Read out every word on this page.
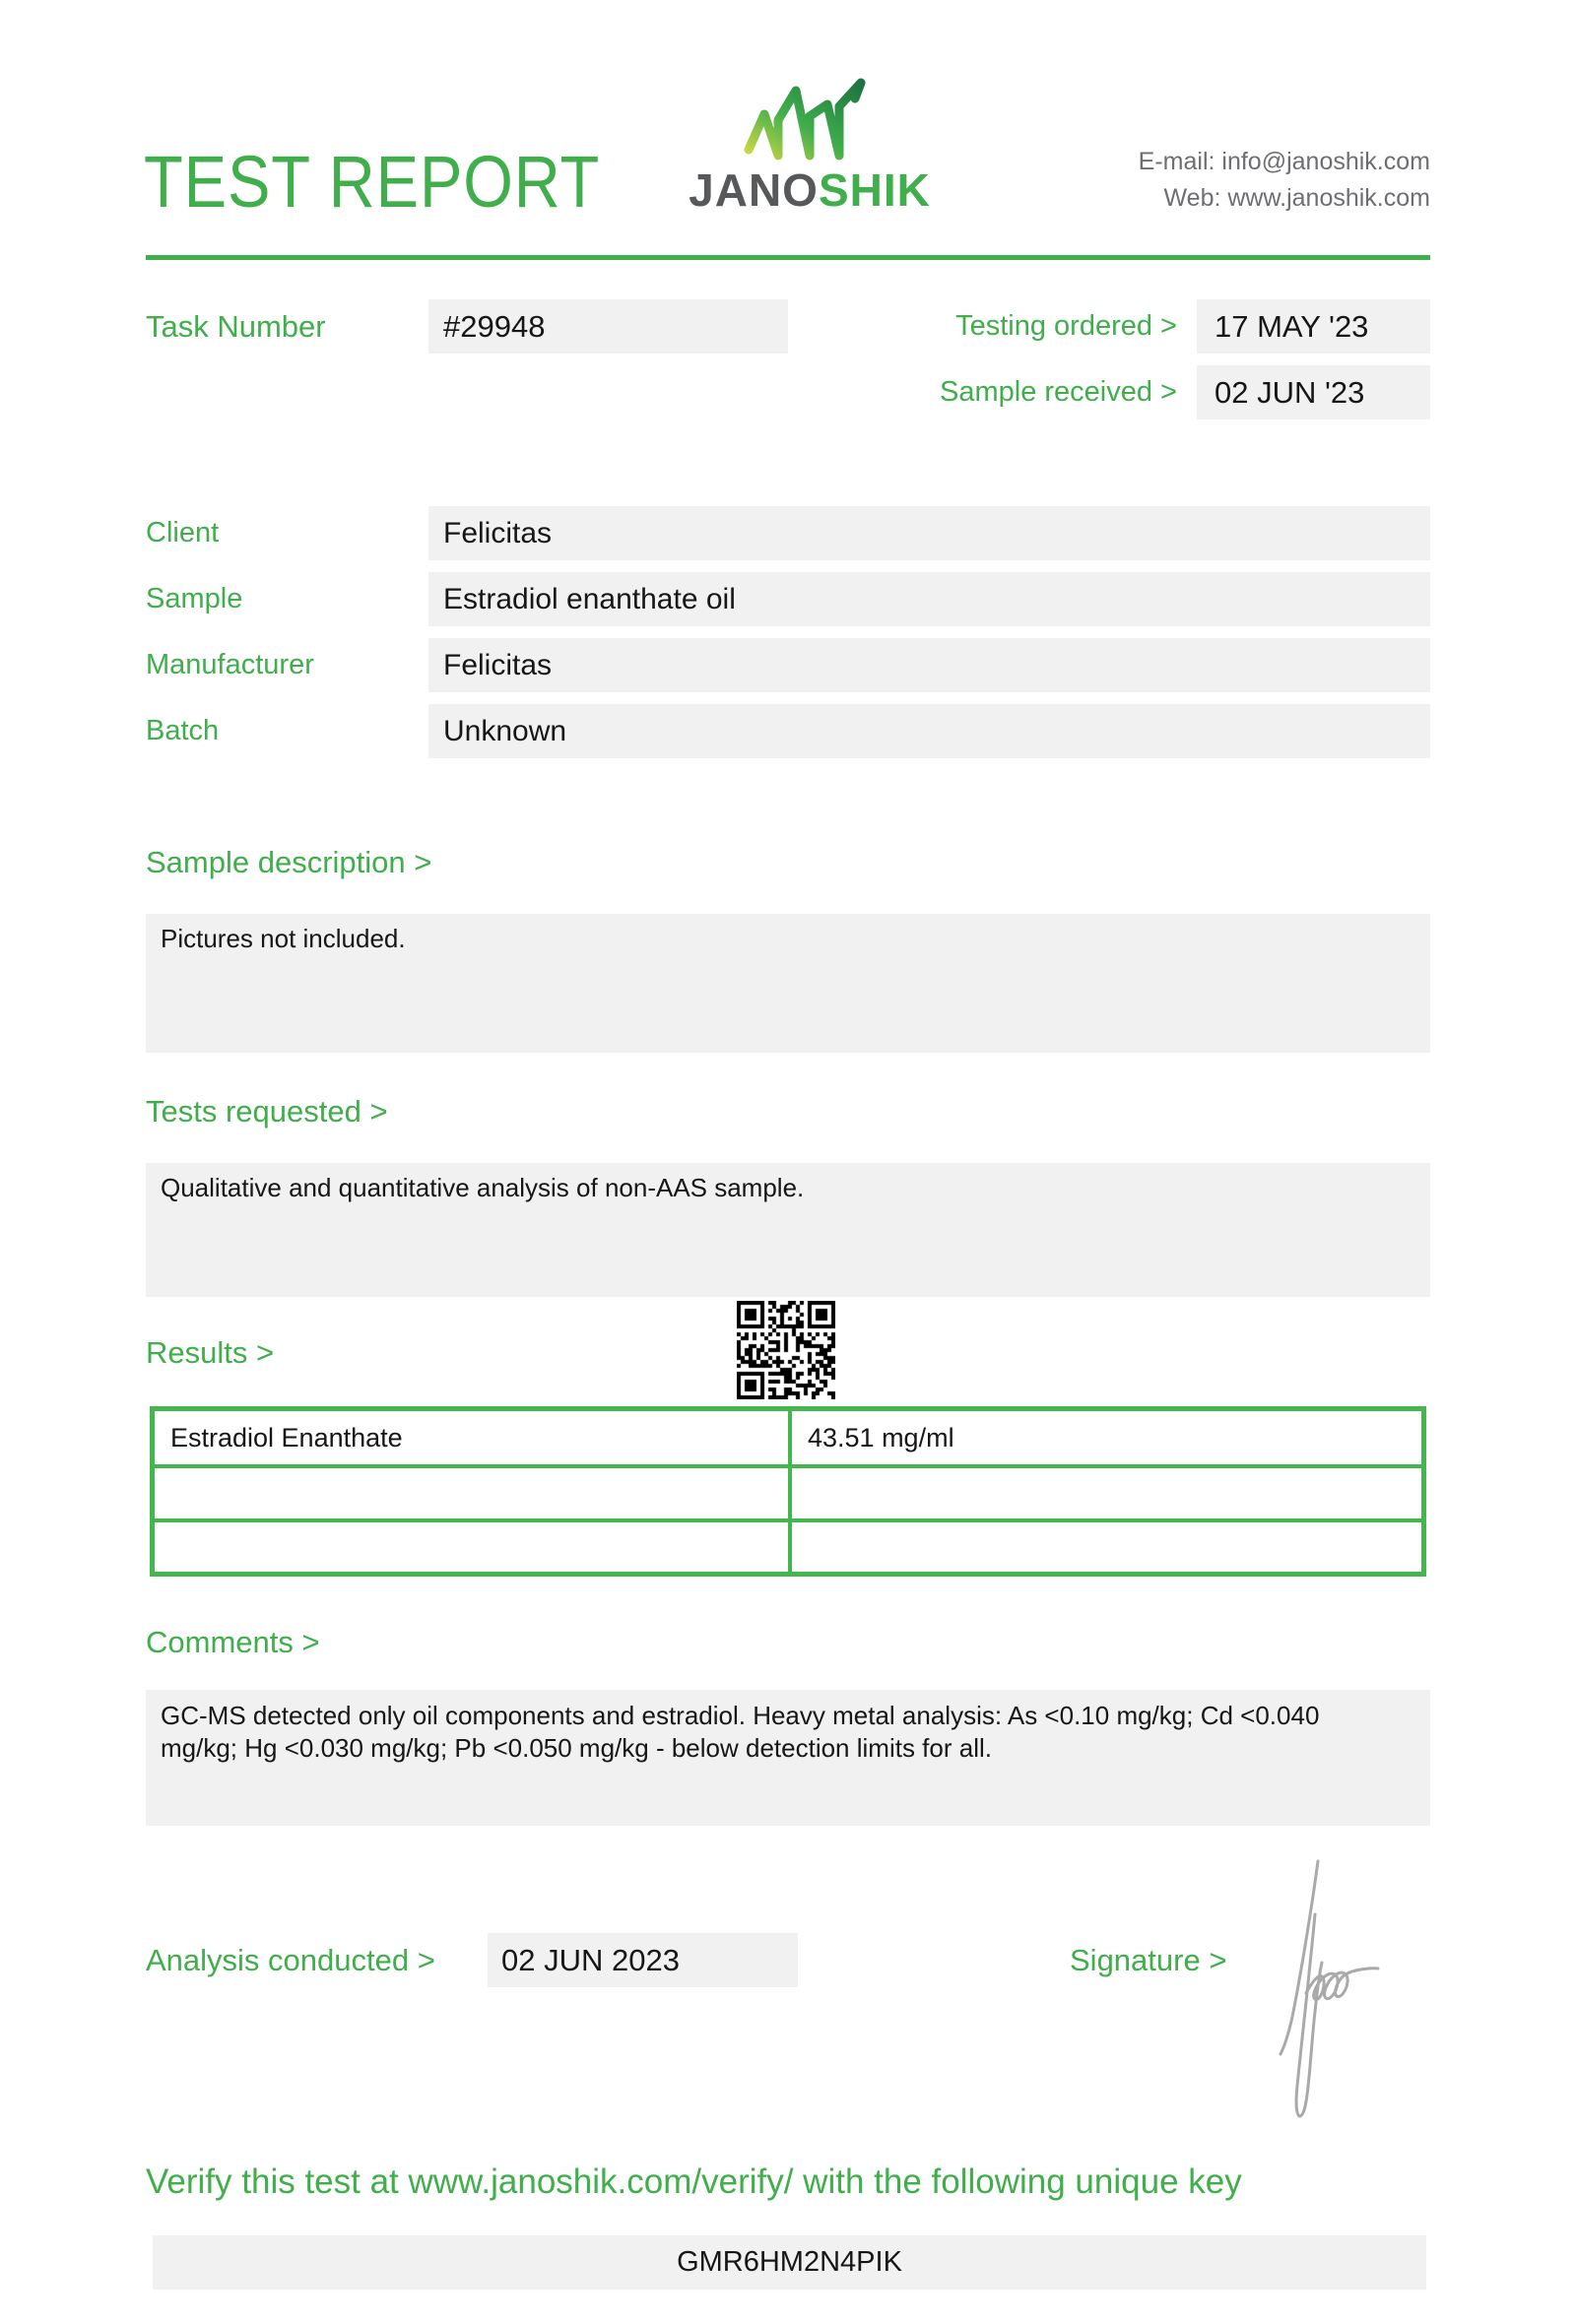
TEST REPORT	JANOSHIK
E-mail: info@janoshik.com
Web: www.janoshik.com
Task Number	#29948	Testing ordered >	17 MAY '23
Sample received >	02 JUN '23
Client	Felicitas
Sample	Estradiol enanthate oil
Manufacturer	Felicitas
Batch	Unknown
Sample description >
Pictures not included.
Tests requested >
Qualitative and quantitative analysis of non-AAS sample.
Results >
Estradiol Enanthate	43.51 mg/ml
Comments >
GC-MS detected only oil components and estradiol. Heavy metal analysis: As <0.10 mg/kg; Cd <0.040 mg/kg; Hg <0.030 mg/kg; Pb <0.050 mg/kg - below detection limits for all.
Analysis conducted >	02 JUN 2023	Signature >
Verify this test at www.janoshik.com/verify/ with the following unique key
GMR6HM2N4PIK
